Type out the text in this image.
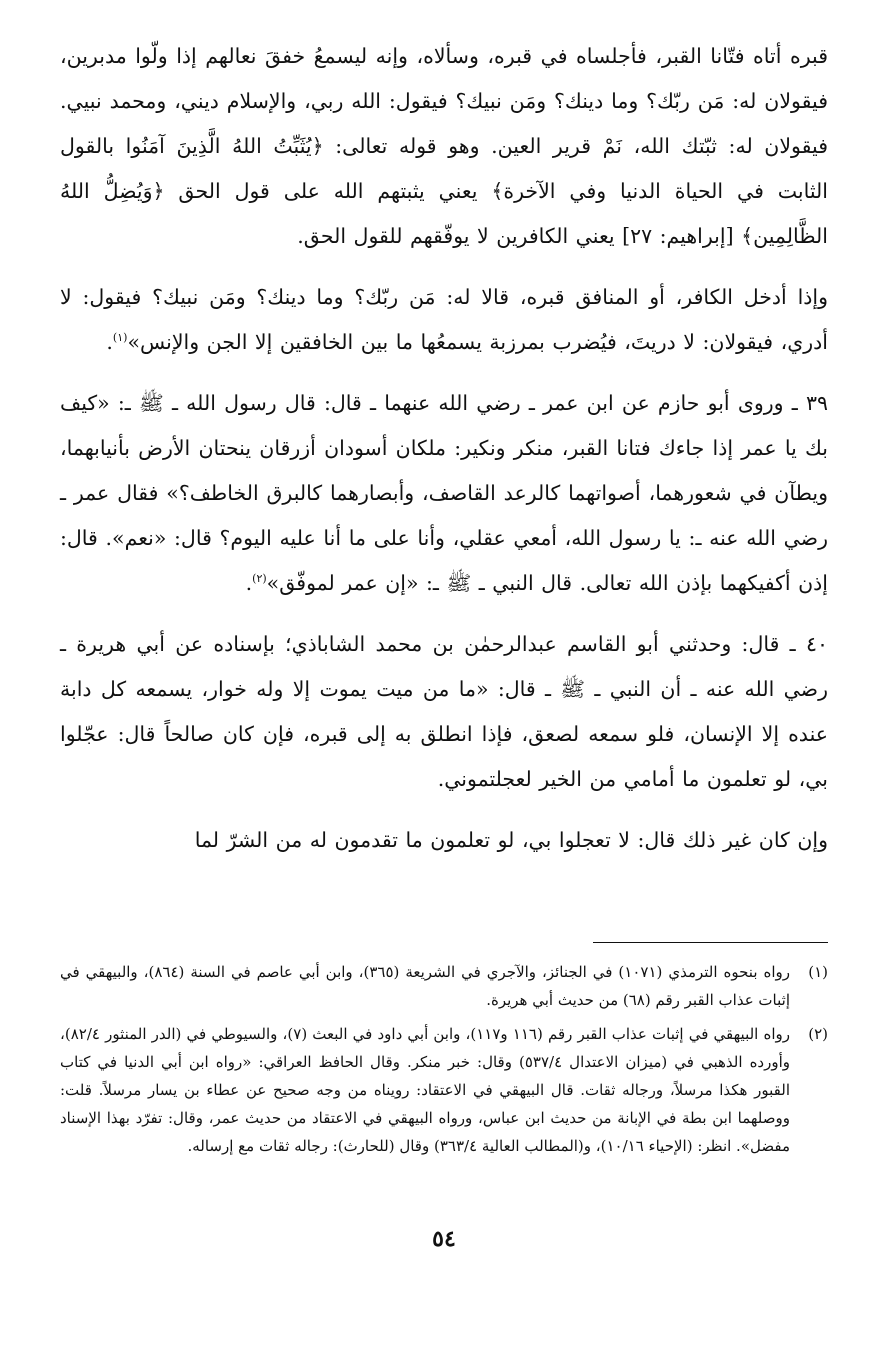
قبره أتاه فتّانا القبر، فأجلساه في قبره، وسألاه، وإنه ليسمعُ خفقَ نعالهم إذا ولّوا مدبرين، فيقولان له: مَن ربّك؟ وما دينك؟ ومَن نبيك؟ فيقول: الله ربي، والإسلام ديني، ومحمد نبيي. فيقولان له: ثبّتك الله، نَمْ قرير العين. وهو قوله تعالى: ﴿يُثَبِّتُ اللهُ الَّذِينَ آمَنُوا بالقول الثابت في الحياة الدنيا وفي الآخرة﴾ يعني يثبتهم الله على قول الحق ﴿وَيُضِلُّ اللهُ الظَّالِمِين﴾ [إبراهيم: ٢٧] يعني الكافرين لا يوفّقهم للقول الحق.

وإذا أدخل الكافر، أو المنافق قبره، قالا له: مَن ربّك؟ وما دينك؟ ومَن نبيك؟ فيقول: لا أدري، فيقولان: لا دريتَ، فيُضرب بمرزبة يسمعُها ما بين الخافقين إلا الجن والإنس»$^{(١)}$.

٣٩ ـ وروى أبو حازم عن ابن عمر ـ رضي الله عنهما ـ قال: قال رسول الله ـ ﷺ ـ: «كيف بك يا عمر إذا جاءك فتانا القبر، منكر ونكير: ملكان أسودان أزرقان ينحتان الأرض بأنيابهما، ويطآن في شعورهما، أصواتهما كالرعد القاصف، وأبصارهما كالبرق الخاطف؟» فقال عمر ـ رضي الله عنه ـ: يا رسول الله، أمعي عقلي، وأنا على ما أنا عليه اليوم؟ قال: «نعم». قال: إذن أكفيكهما بإذن الله تعالى. قال النبي ـ ﷺ ـ: «إن عمر لموفّق»$^{(٢)}$.

٤٠ ـ قال: وحدثني أبو القاسم عبدالرحمٰن بن محمد الشاباذي؛ بإسناده عن أبي هريرة ـ رضي الله عنه ـ أن النبي ـ ﷺ ـ قال: «ما من ميت يموت إلا وله خوار، يسمعه كل دابة عنده إلا الإنسان، فلو سمعه لصعق، فإذا انطلق به إلى قبره، فإن كان صالحاً قال: عجّلوا بي، لو تعلمون ما أمامي من الخير لعجلتموني.

وإن كان غير ذلك قال: لا تعجلوا بي، لو تعلمون ما تقدمون له من الشرّ لما

(١)
رواه بنحوه الترمذي (١٠٧١) في الجنائز، والآجري في الشريعة (٣٦٥)، وابن أبي عاصم في السنة (٨٦٤)، والبيهقي في إثبات عذاب القبر رقم (٦٨) من حديث أبي هريرة.
(٢)
رواه البيهقي في إثبات عذاب القبر رقم (١١٦ و١١٧)، وابن أبي داود في البعث (٧)، والسيوطي في (الدر المنثور ٨٢/٤)، وأورده الذهبي في (ميزان الاعتدال ٥٣٧/٤) وقال: خبر منكر. وقال الحافظ العراقي: «رواه ابن أبي الدنيا في كتاب القبور هكذا مرسلاً، ورجاله ثقات. قال البيهقي في الاعتقاد: رويناه من وجه صحيح عن عطاء بن يسار مرسلاً. قلت: ووصلهما ابن بطة في الإبانة من حديث ابن عباس، ورواه البيهقي في الاعتقاد من حديث عمر، وقال: تفرّد بهذا الإسناد مفضل». انظر: (الإحياء ١٠/١٦)، و(المطالب العالية ٣٦٣/٤) وقال (للحارث): رجاله ثقات مع إرساله.
٥٤
